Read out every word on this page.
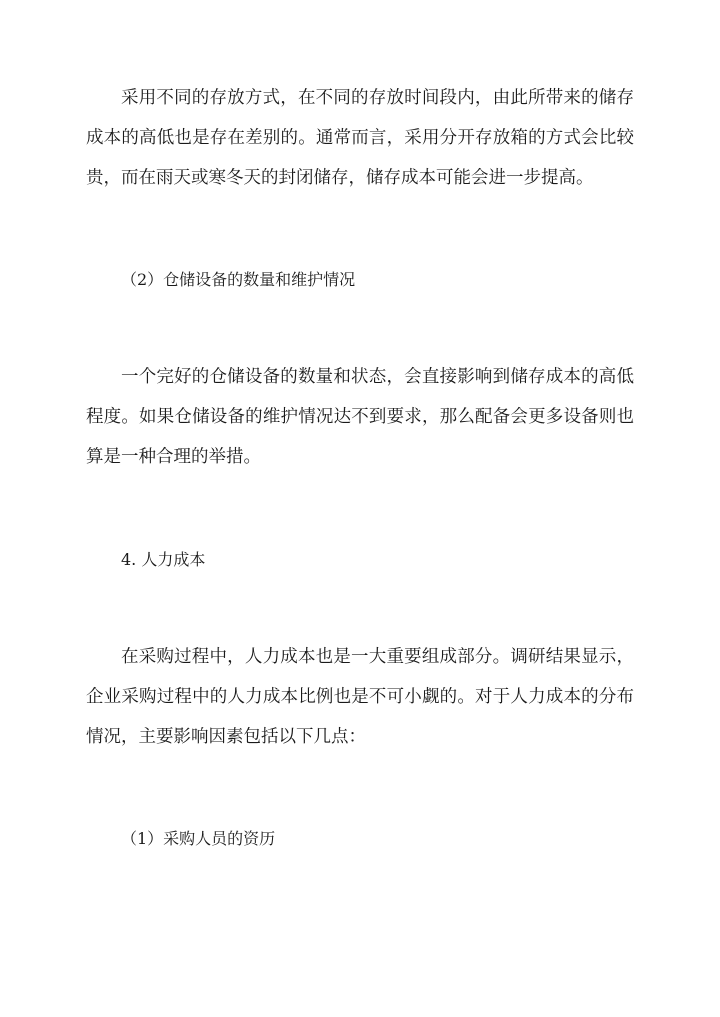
采用不同的存放方式，在不同的存放时间段内，由此所带来的储存成本的高低也是存在差别的。通常而言，采用分开存放箱的方式会比较贵，而在雨天或寒冬天的封闭储存，储存成本可能会进一步提高。

（2）仓储设备的数量和维护情况

一个完好的仓储设备的数量和状态，会直接影响到储存成本的高低程度。如果仓储设备的维护情况达不到要求，那么配备会更多设备则也算是一种合理的举措。

4. 人力成本

在采购过程中，人力成本也是一大重要组成部分。调研结果显示，企业采购过程中的人力成本比例也是不可小觑的。对于人力成本的分布情况，主要影响因素包括以下几点：

（1）采购人员的资历
